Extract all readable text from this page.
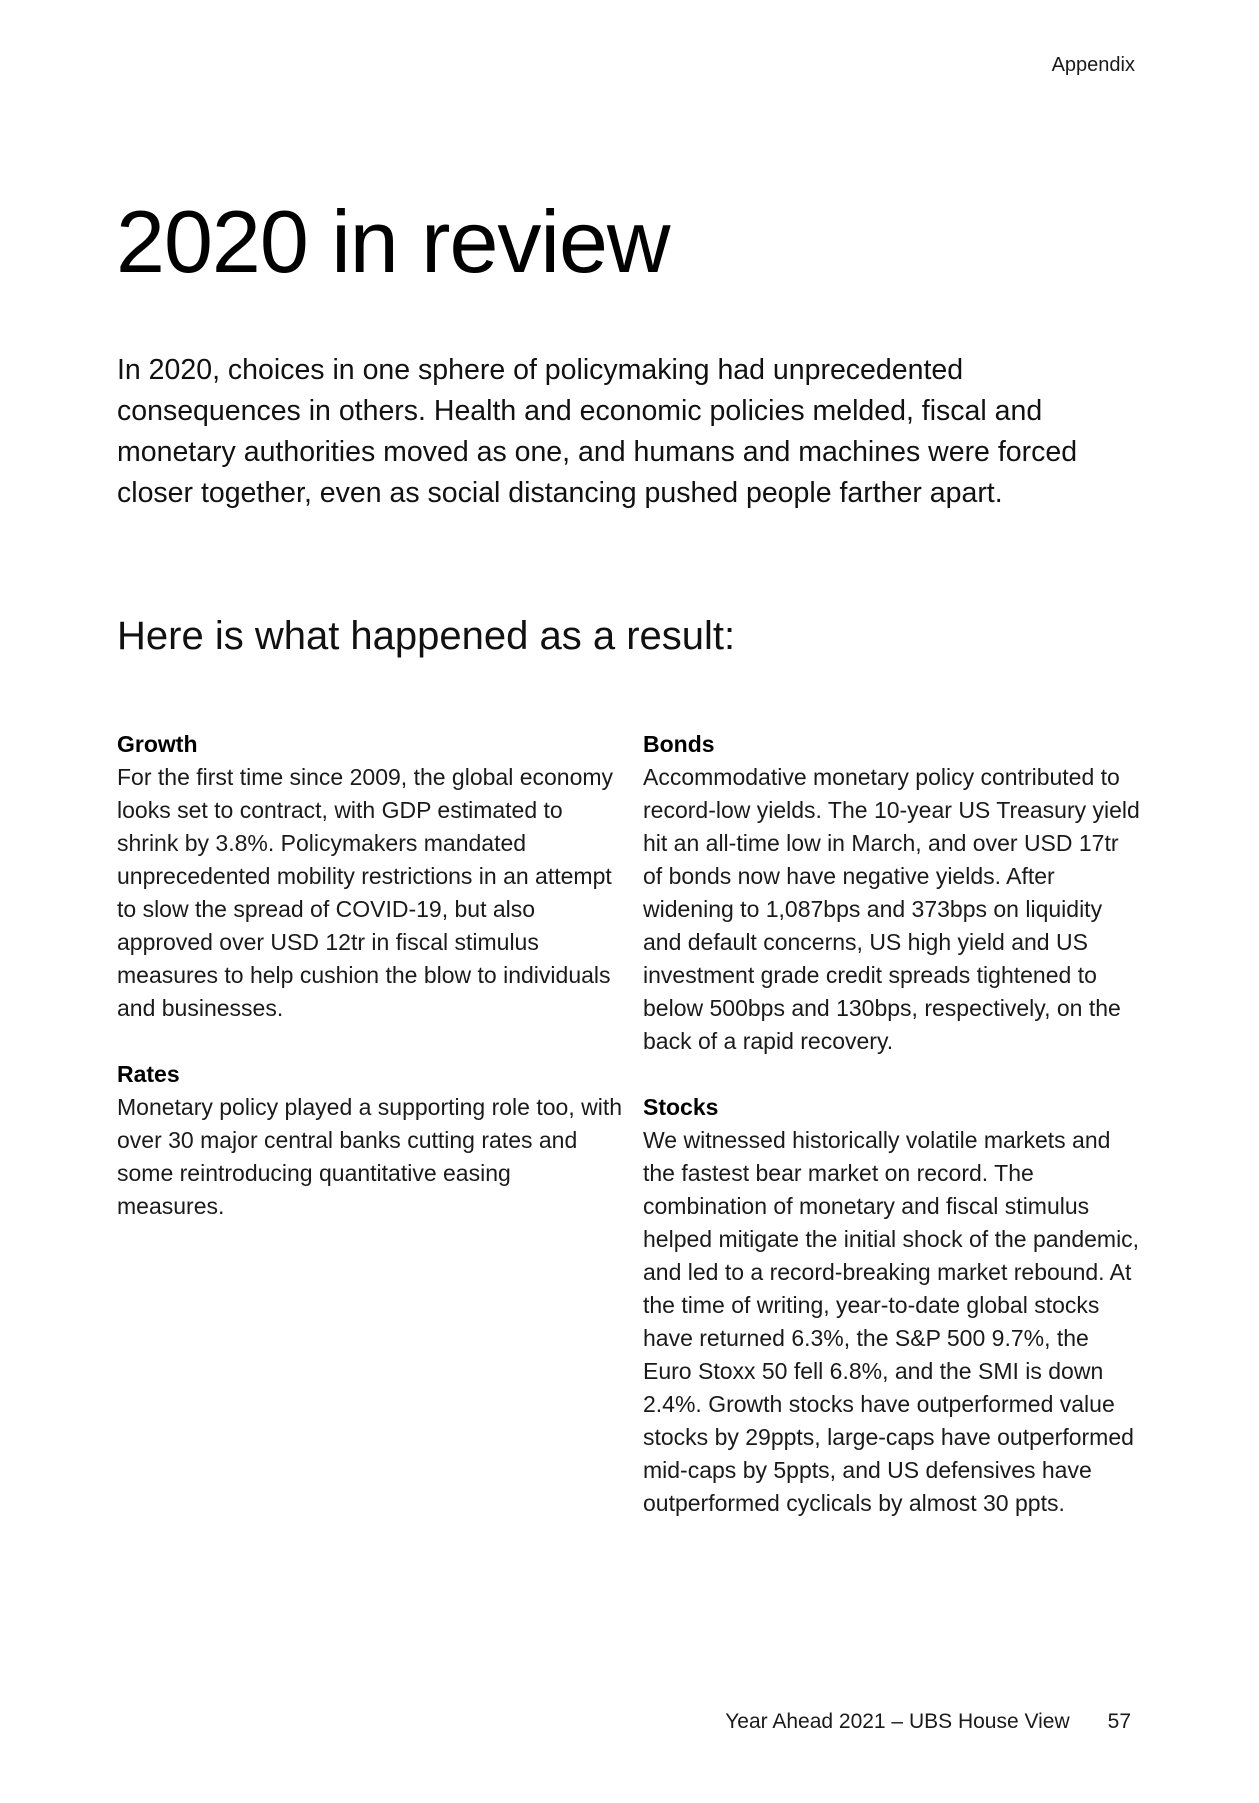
Appendix

2020 in review

In 2020, choices in one sphere of policymaking had unprecedented consequences in others. Health and economic policies melded, fiscal and monetary authorities moved as one, and humans and machines were forced closer together, even as social distancing pushed people farther apart.

Here is what happened as a result:

Growth

For the first time since 2009, the global economy looks set to contract, with GDP estimated to shrink by 3.8%. Policymakers mandated unprecedented mobility restrictions in an attempt to slow the spread of COVID-19, but also approved over USD 12tr in fiscal stimulus measures to help cushion the blow to individuals and businesses.

Rates

Monetary policy played a supporting role too, with over 30 major central banks cutting rates and some reintroducing quantitative easing measures.

Bonds

Accommodative monetary policy contributed to record-low yields. The 10-year US Treasury yield hit an all-time low in March, and over USD 17tr of bonds now have negative yields. After widening to 1,087bps and 373bps on liquidity and default concerns, US high yield and US investment grade credit spreads tightened to below 500bps and 130bps, respectively, on the back of a rapid recovery.

Stocks

We witnessed historically volatile markets and the fastest bear market on record. The combination of monetary and fiscal stimulus helped mitigate the initial shock of the pandemic, and led to a record-breaking market rebound. At the time of writing, year-to-date global stocks have returned 6.3%, the S&P 500 9.7%, the Euro Stoxx 50 fell 6.8%, and the SMI is down 2.4%. Growth stocks have outperformed value stocks by 29ppts, large-caps have outperformed mid-caps by 5ppts, and US defensives have outperformed cyclicals by almost 30 ppts.

Year Ahead 2021 – UBS House View 57
